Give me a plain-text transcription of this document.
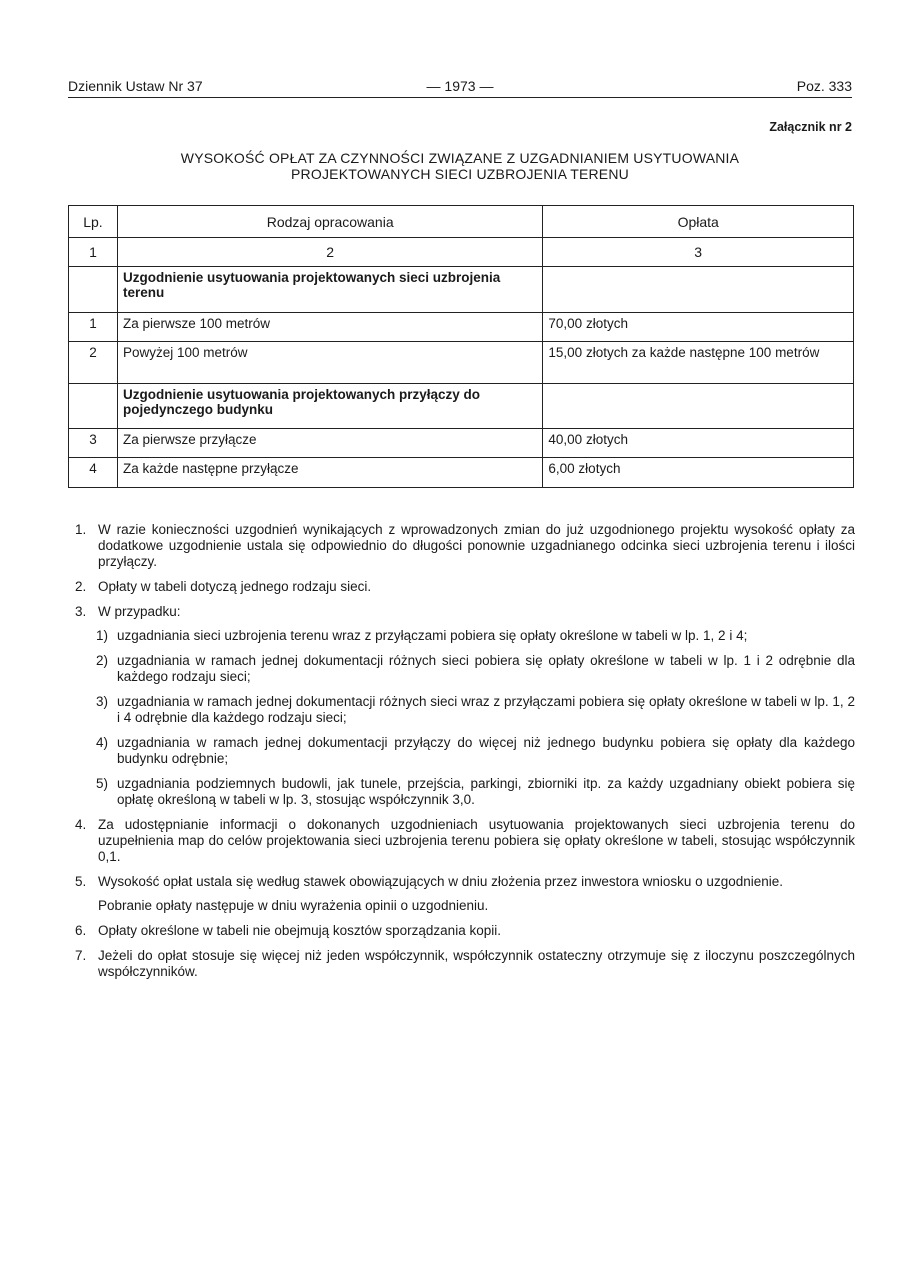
Dziennik Ustaw Nr 37	— 1973 —	Poz. 333
Załącznik nr 2
WYSOKOŚĆ OPŁAT ZA CZYNNOŚCI ZWIĄZANE Z UZGADNIANIEM USYTUOWANIA
PROJEKTOWANYCH SIECI UZBROJENIA TERENU
Lp.	Rodzaj opracowania	Opłata
1	2	3
	Uzgodnienie usytuowania projektowanych sieci uzbrojenia terenu	
1	Za pierwsze 100 metrów	70,00 złotych
2	Powyżej 100 metrów	15,00 złotych za każde następne 100 metrów
	Uzgodnienie usytuowania projektowanych przyłączy do pojedynczego budynku	
3	Za pierwsze przyłącze	40,00 złotych
4	Za każde następne przyłącze	6,00 złotych
1. W razie konieczności uzgodnień wynikających z wprowadzonych zmian do już uzgodnionego projektu wysokość opłaty za dodatkowe uzgodnienie ustala się odpowiednio do długości ponownie uzgadnianego odcinka sieci uzbrojenia terenu i ilości przyłączy.
2. Opłaty w tabeli dotyczą jednego rodzaju sieci.
3. W przypadku:
1) uzgadniania sieci uzbrojenia terenu wraz z przyłączami pobiera się opłaty określone w tabeli w lp. 1, 2 i 4;
2) uzgadniania w ramach jednej dokumentacji różnych sieci pobiera się opłaty określone w tabeli w lp. 1 i 2 odrębnie dla każdego rodzaju sieci;
3) uzgadniania w ramach jednej dokumentacji różnych sieci wraz z przyłączami pobiera się opłaty określone w tabeli w lp. 1, 2 i 4 odrębnie dla każdego rodzaju sieci;
4) uzgadniania w ramach jednej dokumentacji przyłączy do więcej niż jednego budynku pobiera się opłaty dla każdego budynku odrębnie;
5) uzgadniania podziemnych budowli, jak tunele, przejścia, parkingi, zbiorniki itp. za każdy uzgadniany obiekt pobiera się opłatę określoną w tabeli w lp. 3, stosując współczynnik 3,0.
4. Za udostępnianie informacji o dokonanych uzgodnieniach usytuowania projektowanych sieci uzbrojenia terenu do uzupełnienia map do celów projektowania sieci uzbrojenia terenu pobiera się opłaty określone w tabeli, stosując współczynnik 0,1.
5. Wysokość opłat ustala się według stawek obowiązujących w dniu złożenia przez inwestora wniosku o uzgodnienie.
Pobranie opłaty następuje w dniu wyrażenia opinii o uzgodnieniu.
6. Opłaty określone w tabeli nie obejmują kosztów sporządzania kopii.
7. Jeżeli do opłat stosuje się więcej niż jeden współczynnik, współczynnik ostateczny otrzymuje się z iloczynu poszczególnych współczynników.
